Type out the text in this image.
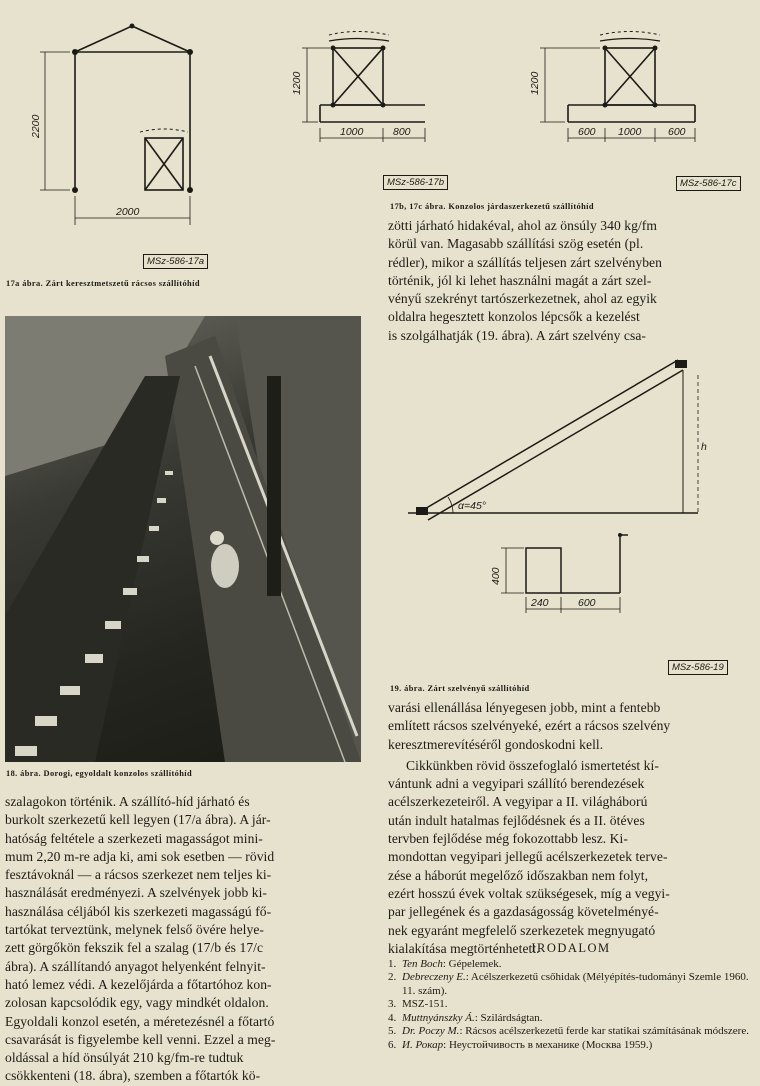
2200
2000
MSz-586-17a
17a ábra. Zárt keresztmetszetű rácsos szállítóhíd
1200
1000	800
MSz-586-17b
1200
600 1000	600
MSz-586-17c
17b, 17c ábra. Konzolos járdaszerkezetű szállítóhíd

zötti járható hidakéval, ahol az önsúly 340 kg/fm

körül van. Magasabb szállítási szög esetén (pl.

rédler), mikor a szállítás teljesen zárt szelvényben

történik, jól ki lehet használni magát a zárt szel-

vényű szekrényt tartószerkezetnek, ahol az egyik

oldalra hegesztett konzolos lépcsők a kezelést

is szolgálhatják (19. ábra). A zárt szelvény csa-

18. ábra. Dorogi, egyoldalt konzolos szállítóhíd
α=45°
h
400
240	600
MSz-586-19
19. ábra. Zárt szelvényű szállítóhíd

varási ellenállása lényegesen jobb, mint a fentebb

említett rácsos szelvényeké, ezért a rácsos szelvény

keresztmerevítéséről gondoskodni kell.

Cikkünkben rövid összefoglaló ismertetést kí-

vántunk adni a vegyipari szállító berendezések

acélszerkezeteiről. A vegyipar a II. világháború

után indult hatalmas fejlődésnek és a II. ötéves

tervben fejlődése még fokozottabb lesz. Ki-

mondottan vegyipari jellegű acélszerkezetek terve-

zése a háborút megelőző időszakban nem folyt,

ezért hosszú évek voltak szükségesek, míg a vegyi-

par jellegének és a gazdaságosság követelményé-

nek egyaránt megfelelő szerkezetek megnyugató

kialakítása megtörténhetett.

IRODALOM
1. Ten Boch: Gépelemek.
2. Debreczeny E.: Acélszerkezetű csőhidak (Mélyépítés-tudományi Szemle 1960. 11. szám).
3. MSZ-151.
4. Muttnyánszky Á.: Szilárdságtan.
5. Dr. Poczy M.: Rácsos acélszerkezetű ferde kar statikai számításának módszere.
6. И. Рокар: Неустойчивость в механике (Москва 1959.)

szalagokon történik. A szállító-híd járható és

burkolt szerkezetű kell legyen (17/a ábra). A jár-

hatóság feltétele a szerkezeti magasságot mini-

mum 2,20 m-re adja ki, ami sok esetben — rövid

fesztávoknál — a rácsos szerkezet nem teljes ki-

használását eredményezi. A szelvények jobb ki-

használása céljából kis szerkezeti magasságú fő-

tartókat terveztünk, melynek felső övére helye-

zett görgőkön fekszik fel a szalag (17/b és 17/c

ábra). A szállítandó anyagot helyenként felnyit-

ható lemez védi. A kezelőjárda a főtartóhoz kon-

zolosan kapcsolódik egy, vagy mindkét oldalon.

Egyoldali konzol esetén, a méretezésnél a főtartó

csavarását is figyelembe kell venni. Ezzel a meg-

oldással a híd önsúlyát 210 kg/fm-re tudtuk

csökkenteni (18. ábra), szemben a főtartók kö-
